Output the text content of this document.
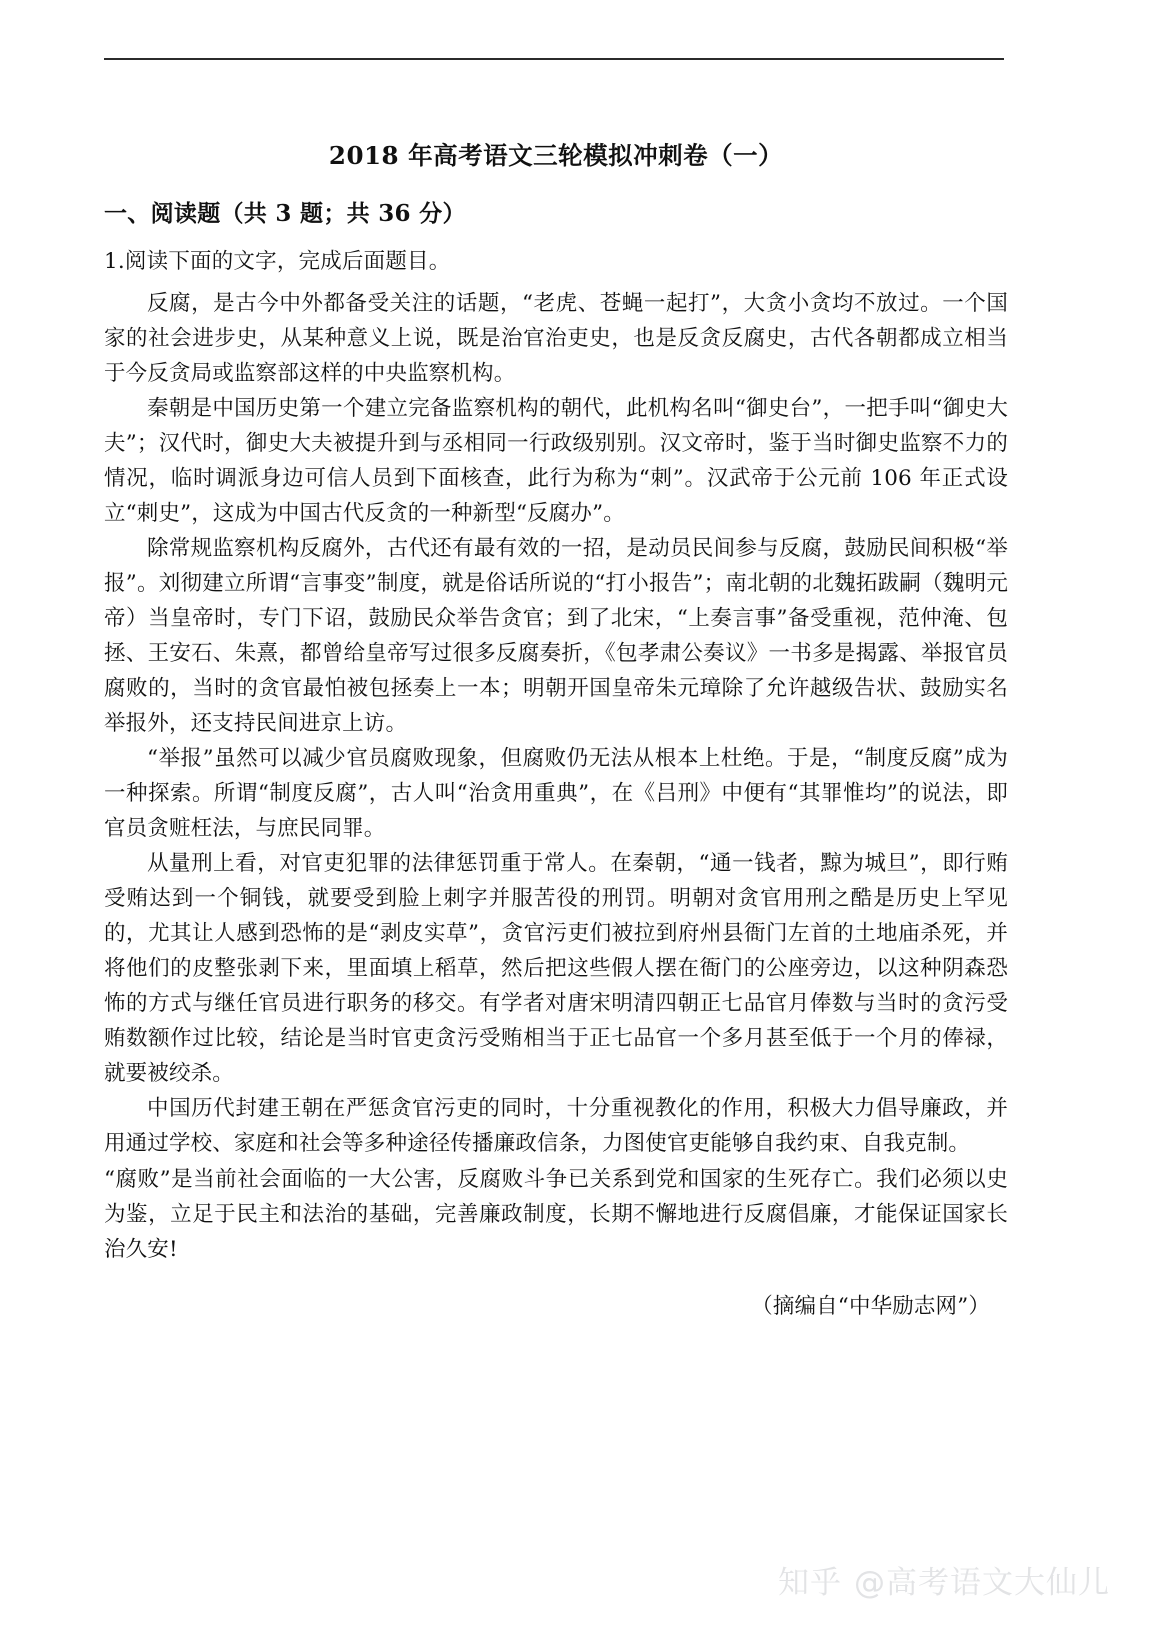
2018 年高考语文三轮模拟冲刺卷（一）
一、阅读题（共 3 题；共 36 分）

1.阅读下面的文字，完成后面题目。

反腐，是古今中外都备受关注的话题，“老虎、苍蝇一起打”，大贪小贪均不放过。一个国家的社会进步史，从某种意义上说，既是治官治吏史，也是反贪反腐史，古代各朝都成立相当于今反贪局或监察部这样的中央监察机构。

秦朝是中国历史第一个建立完备监察机构的朝代，此机构名叫“御史台”，一把手叫“御史大夫”；汉代时，御史大夫被提升到与丞相同一行政级别别。汉文帝时，鉴于当时御史监察不力的情况，临时调派身边可信人员到下面核查，此行为称为“刺”。汉武帝于公元前 106 年正式设立“刺史”，这成为中国古代反贪的一种新型“反腐办”。

除常规监察机构反腐外，古代还有最有效的一招，是动员民间参与反腐，鼓励民间积极“举报”。刘彻建立所谓“言事变”制度，就是俗话所说的“打小报告”；南北朝的北魏拓跋嗣（魏明元帝）当皇帝时，专门下诏，鼓励民众举告贪官；到了北宋，“上奏言事”备受重视，范仲淹、包拯、王安石、朱熹，都曾给皇帝写过很多反腐奏折，《包孝肃公奏议》一书多是揭露、举报官员腐败的，当时的贪官最怕被包拯奏上一本；明朝开国皇帝朱元璋除了允许越级告状、鼓励实名举报外，还支持民间进京上访。

“举报”虽然可以减少官员腐败现象，但腐败仍无法从根本上杜绝。于是，“制度反腐”成为一种探索。所谓“制度反腐”，古人叫“治贪用重典”，在《吕刑》中便有“其罪惟均”的说法，即官员贪赃枉法，与庶民同罪。

从量刑上看，对官吏犯罪的法律惩罚重于常人。在秦朝，“通一钱者，黥为城旦”，即行贿受贿达到一个铜钱，就要受到脸上刺字并服苦役的刑罚。明朝对贪官用刑之酷是历史上罕见的，尤其让人感到恐怖的是“剥皮实草”，贪官污吏们被拉到府州县衙门左首的土地庙杀死，并将他们的皮整张剥下来，里面填上稻草，然后把这些假人摆在衙门的公座旁边，以这种阴森恐怖的方式与继任官员进行职务的移交。有学者对唐宋明清四朝正七品官月俸数与当时的贪污受贿数额作过比较，结论是当时官吏贪污受贿相当于正七品官一个多月甚至低于一个月的俸禄，就要被绞杀。

中国历代封建王朝在严惩贪官污吏的同时，十分重视教化的作用，积极大力倡导廉政，并用通过学校、家庭和社会等多种途径传播廉政信条，力图使官吏能够自我约束、自我克制。

“腐败”是当前社会面临的一大公害，反腐败斗争已关系到党和国家的生死存亡。我们必须以史为鉴，立足于民主和法治的基础，完善廉政制度，长期不懈地进行反腐倡廉，才能保证国家长治久安!

（摘编自“中华励志网”）

知乎 @高考语文大仙儿
